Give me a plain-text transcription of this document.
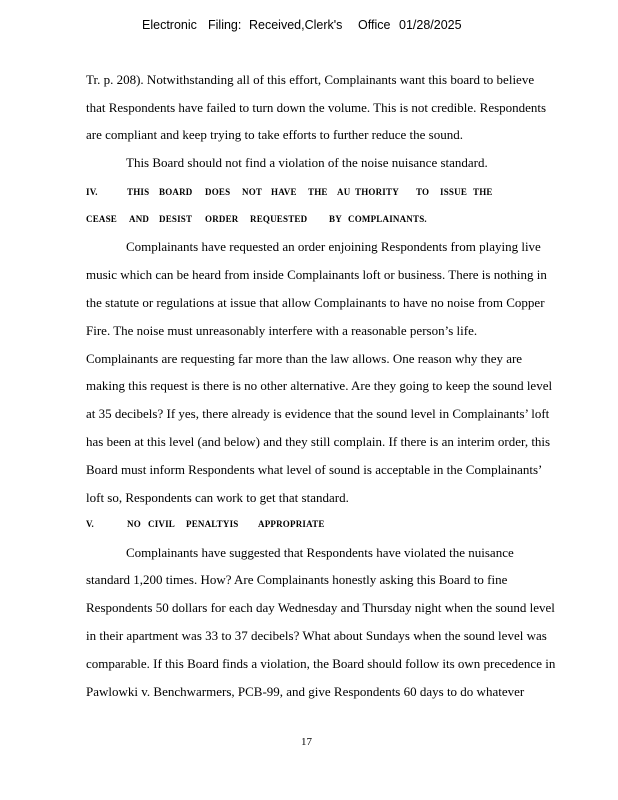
Electronic Filing: Received,Clerk's Office 01/28/2025
Tr. p. 208). Notwithstanding all of this effort, Complainants want this board to believe
that Respondents have failed to turn down the volume. This is not credible. Respondents
are compliant and keep trying to take efforts to further reduce the sound.
This Board should not find a violation of the noise nuisance standard.
IV.	THIS BOARD DOES NOT HAVE THE AU THORITY TO ISSUE THE
CEASE AND DESIST ORDER REQUESTED BY COMPLAINANTS.
Complainants have requested an order enjoining Respondents from playing live
music which can be heard from inside Complainants loft or business. There is nothing in
the statute or regulations at issue that allow Complainants to have no noise from Copper
Fire. The noise must unreasonably interfere with a reasonable person’s life.
Complainants are requesting far more than the law allows. One reason why they are
making this request is there is no other alternative. Are they going to keep the sound level
at 35 decibels? If yes, there already is evidence that the sound level in Complainants’ loft
has been at this level (and below) and they still complain. If there is an interim order, this
Board must inform Respondents what level of sound is acceptable in the Complainants’
loft so, Respondents can work to get that standard.
V.	NO CIVIL PENALTYIS APPROPRIATE
Complainants have suggested that Respondents have violated the nuisance
standard 1,200 times. How? Are Complainants honestly asking this Board to fine
Respondents 50 dollars for each day Wednesday and Thursday night when the sound level
in their apartment was 33 to 37 decibels? What about Sundays when the sound level was
comparable. If this Board finds a violation, the Board should follow its own precedence in
Pawlowki v. Benchwarmers, PCB-99, and give Respondents 60 days to do whatever
17
